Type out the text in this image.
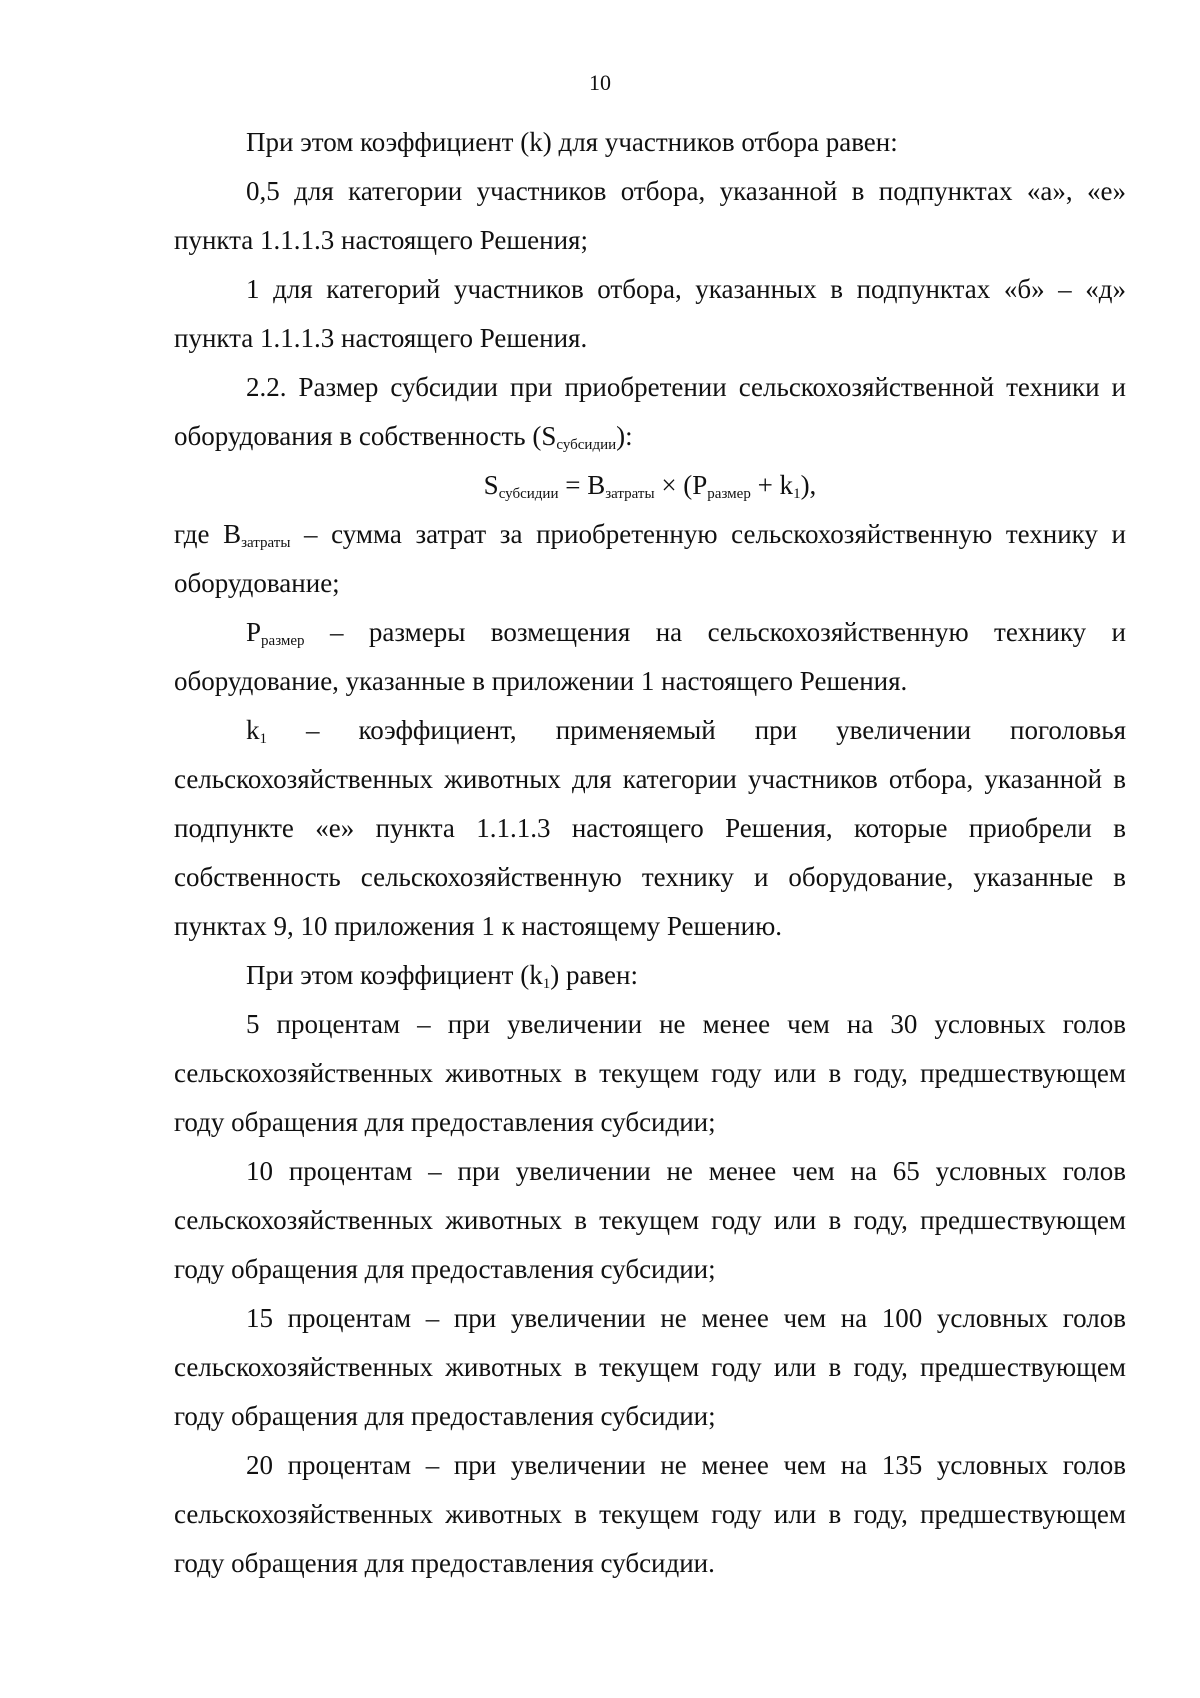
10

При этом коэффициент (k) для участников отбора равен:

0,5 для категории участников отбора, указанной в подпунктах «а», «е» пункта 1.1.1.3 настоящего Решения;

1 для категорий участников отбора, указанных в подпунктах «б» – «д» пункта 1.1.1.3 настоящего Решения.

2.2. Размер субсидии при приобретении сельскохозяйственной техники и оборудования в собственность $(S_{субсидии})$:

$S_{субсидии} = B_{затраты} \times (P_{размер} + k_1)$,

где $B_{затраты}$ – сумма затрат за приобретенную сельскохозяйственную технику и оборудование;

$P_{размер}$ – размеры возмещения на сельскохозяйственную технику и оборудование, указанные в приложении 1 настоящего Решения.

$k_1$ – коэффициент, применяемый при увеличении поголовья сельскохозяйственных животных для категории участников отбора, указанной в подпункте «е» пункта 1.1.1.3 настоящего Решения, которые приобрели в собственность сельскохозяйственную технику и оборудование, указанные в пунктах 9, 10 приложения 1 к настоящему Решению.

При этом коэффициент $(k_1)$ равен:

5 процентам – при увеличении не менее чем на 30 условных голов сельскохозяйственных животных в текущем году или в году, предшествующем году обращения для предоставления субсидии;

10 процентам – при увеличении не менее чем на 65 условных голов сельскохозяйственных животных в текущем году или в году, предшествующем году обращения для предоставления субсидии;

15 процентам – при увеличении не менее чем на 100 условных голов сельскохозяйственных животных в текущем году или в году, предшествующем году обращения для предоставления субсидии;

20 процентам – при увеличении не менее чем на 135 условных голов сельскохозяйственных животных в текущем году или в году, предшествующем году обращения для предоставления субсидии.
